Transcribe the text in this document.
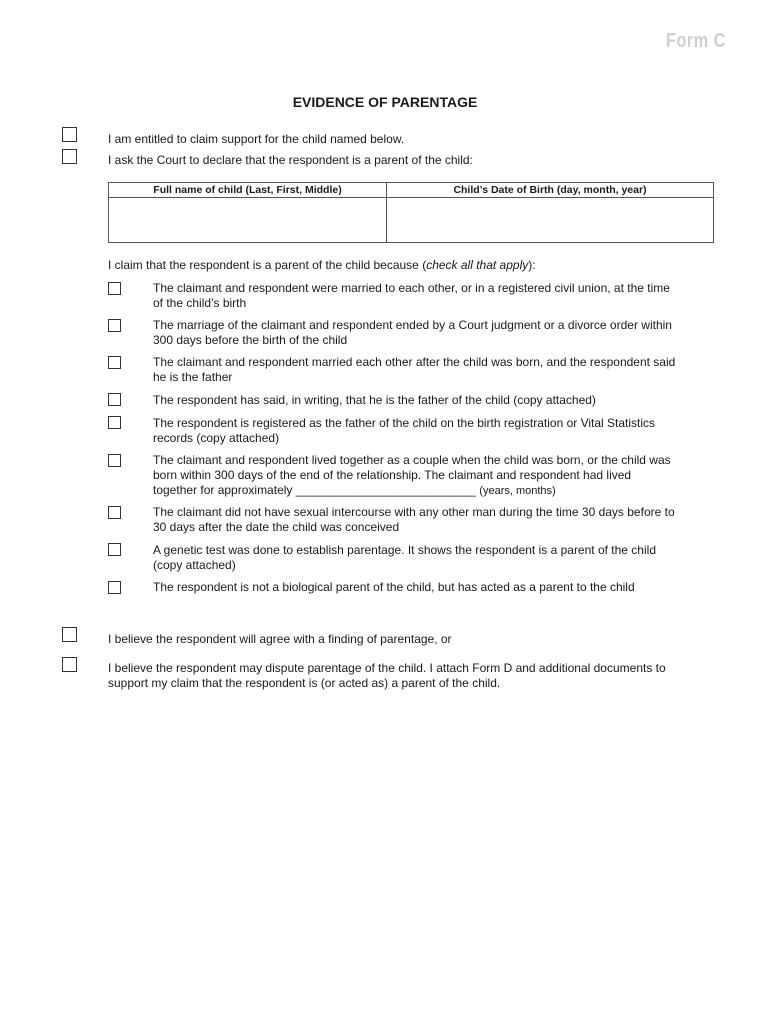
Form C
EVIDENCE OF PARENTAGE
I am entitled to claim support for the child named below.
I ask the Court to declare that the respondent is a parent of the child:
Full name of child (Last, First, Middle)	Child’s Date of Birth (day, month, year)

I claim that the respondent is a parent of the child because (check all that apply):
The claimant and respondent were married to each other, or in a registered civil union, at the time
of the child’s birth
The marriage of the claimant and respondent ended by a Court judgment or a divorce order within
300 days before the birth of the child
The claimant and respondent married each other after the child was born, and the respondent said
he is the father
The respondent has said, in writing, that he is the father of the child (copy attached)
The respondent is registered as the father of the child on the birth registration or Vital Statistics
records (copy attached)
The claimant and respondent lived together as a couple when the child was born, or the child was
born within 300 days of the end of the relationship. The claimant and respondent had lived
together for approximately ___________________________ (years, months)
The claimant did not have sexual intercourse with any other man during the time 30 days before to
30 days after the date the child was conceived
A genetic test was done to establish parentage. It shows the respondent is a parent of the child
(copy attached)
The respondent is not a biological parent of the child, but has acted as a parent to the child
I believe the respondent will agree with a finding of parentage, or
I believe the respondent may dispute parentage of the child. I attach Form D and additional documents to
support my claim that the respondent is (or acted as) a parent of the child.
